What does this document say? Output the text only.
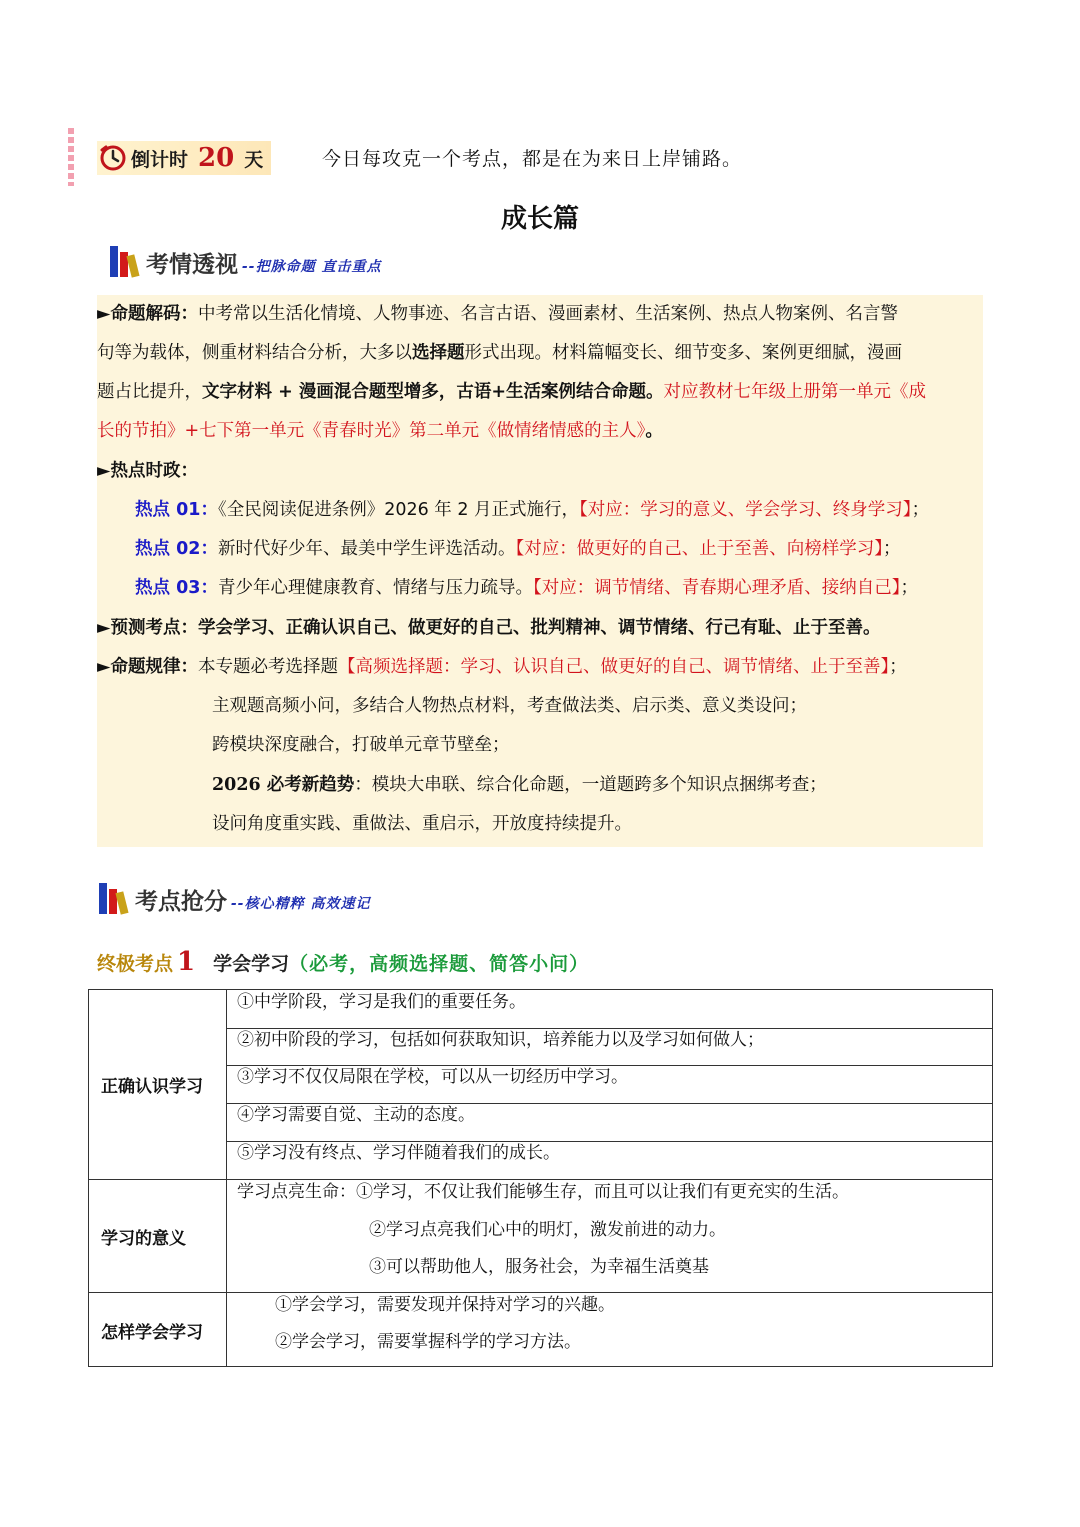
倒计时 20 天	今日每攻克一个考点，都是在为来日上岸铺路。
成长篇
考情透视 --把脉命题 直击重点
►命题解码：中考常以生活化情境、人物事迹、名言古语、漫画素材、生活案例、热点人物案例、名言警
句等为载体，侧重材料结合分析，大多以选择题形式出现。材料篇幅变长、细节变多、案例更细腻，漫画
题占比提升，文字材料 + 漫画混合题型增多，古语+生活案例结合命题。对应教材七年级上册第一单元《成
长的节拍》+七下第一单元《青春时光》第二单元《做情绪情感的主人》。
►热点时政：
热点 01：《全民阅读促进条例》2026 年 2 月正式施行，【对应：学习的意义、学会学习、终身学习】；
热点 02：新时代好少年、最美中学生评选活动。【对应：做更好的自己、止于至善、向榜样学习】；
热点 03：青少年心理健康教育、情绪与压力疏导。【对应：调节情绪、青春期心理矛盾、接纳自己】；
►预测考点：学会学习、正确认识自己、做更好的自己、批判精神、调节情绪、行己有耻、止于至善。
►命题规律：本专题必考选择题【高频选择题：学习、认识自己、做更好的自己、调节情绪、止于至善】；
主观题高频小问，多结合人物热点材料，考查做法类、启示类、意义类设问；
跨模块深度融合，打破单元章节壁垒；
2026 必考新趋势：模块大串联、综合化命题，一道题跨多个知识点捆绑考查；
设问角度重实践、重做法、重启示，开放度持续提升。
考点抢分 --核心精粹 高效速记
终极考点 1 学会学习 （必考，高频选择题、简答小问）
正确认识学习
学习的意义
怎样学会学习
①中学阶段，学习是我们的重要任务。
②初中阶段的学习，包括如何获取知识，培养能力以及学习如何做人；
③学习不仅仅局限在学校，可以从一切经历中学习。
④学习需要自觉、主动的态度。
⑤学习没有终点、学习伴随着我们的成长。
学习点亮生命：①学习，不仅让我们能够生存，而且可以让我们有更充实的生活。
②学习点亮我们心中的明灯，激发前进的动力。
③可以帮助他人，服务社会，为幸福生活奠基
①学会学习，需要发现并保持对学习的兴趣。
②学会学习，需要掌握科学的学习方法。
